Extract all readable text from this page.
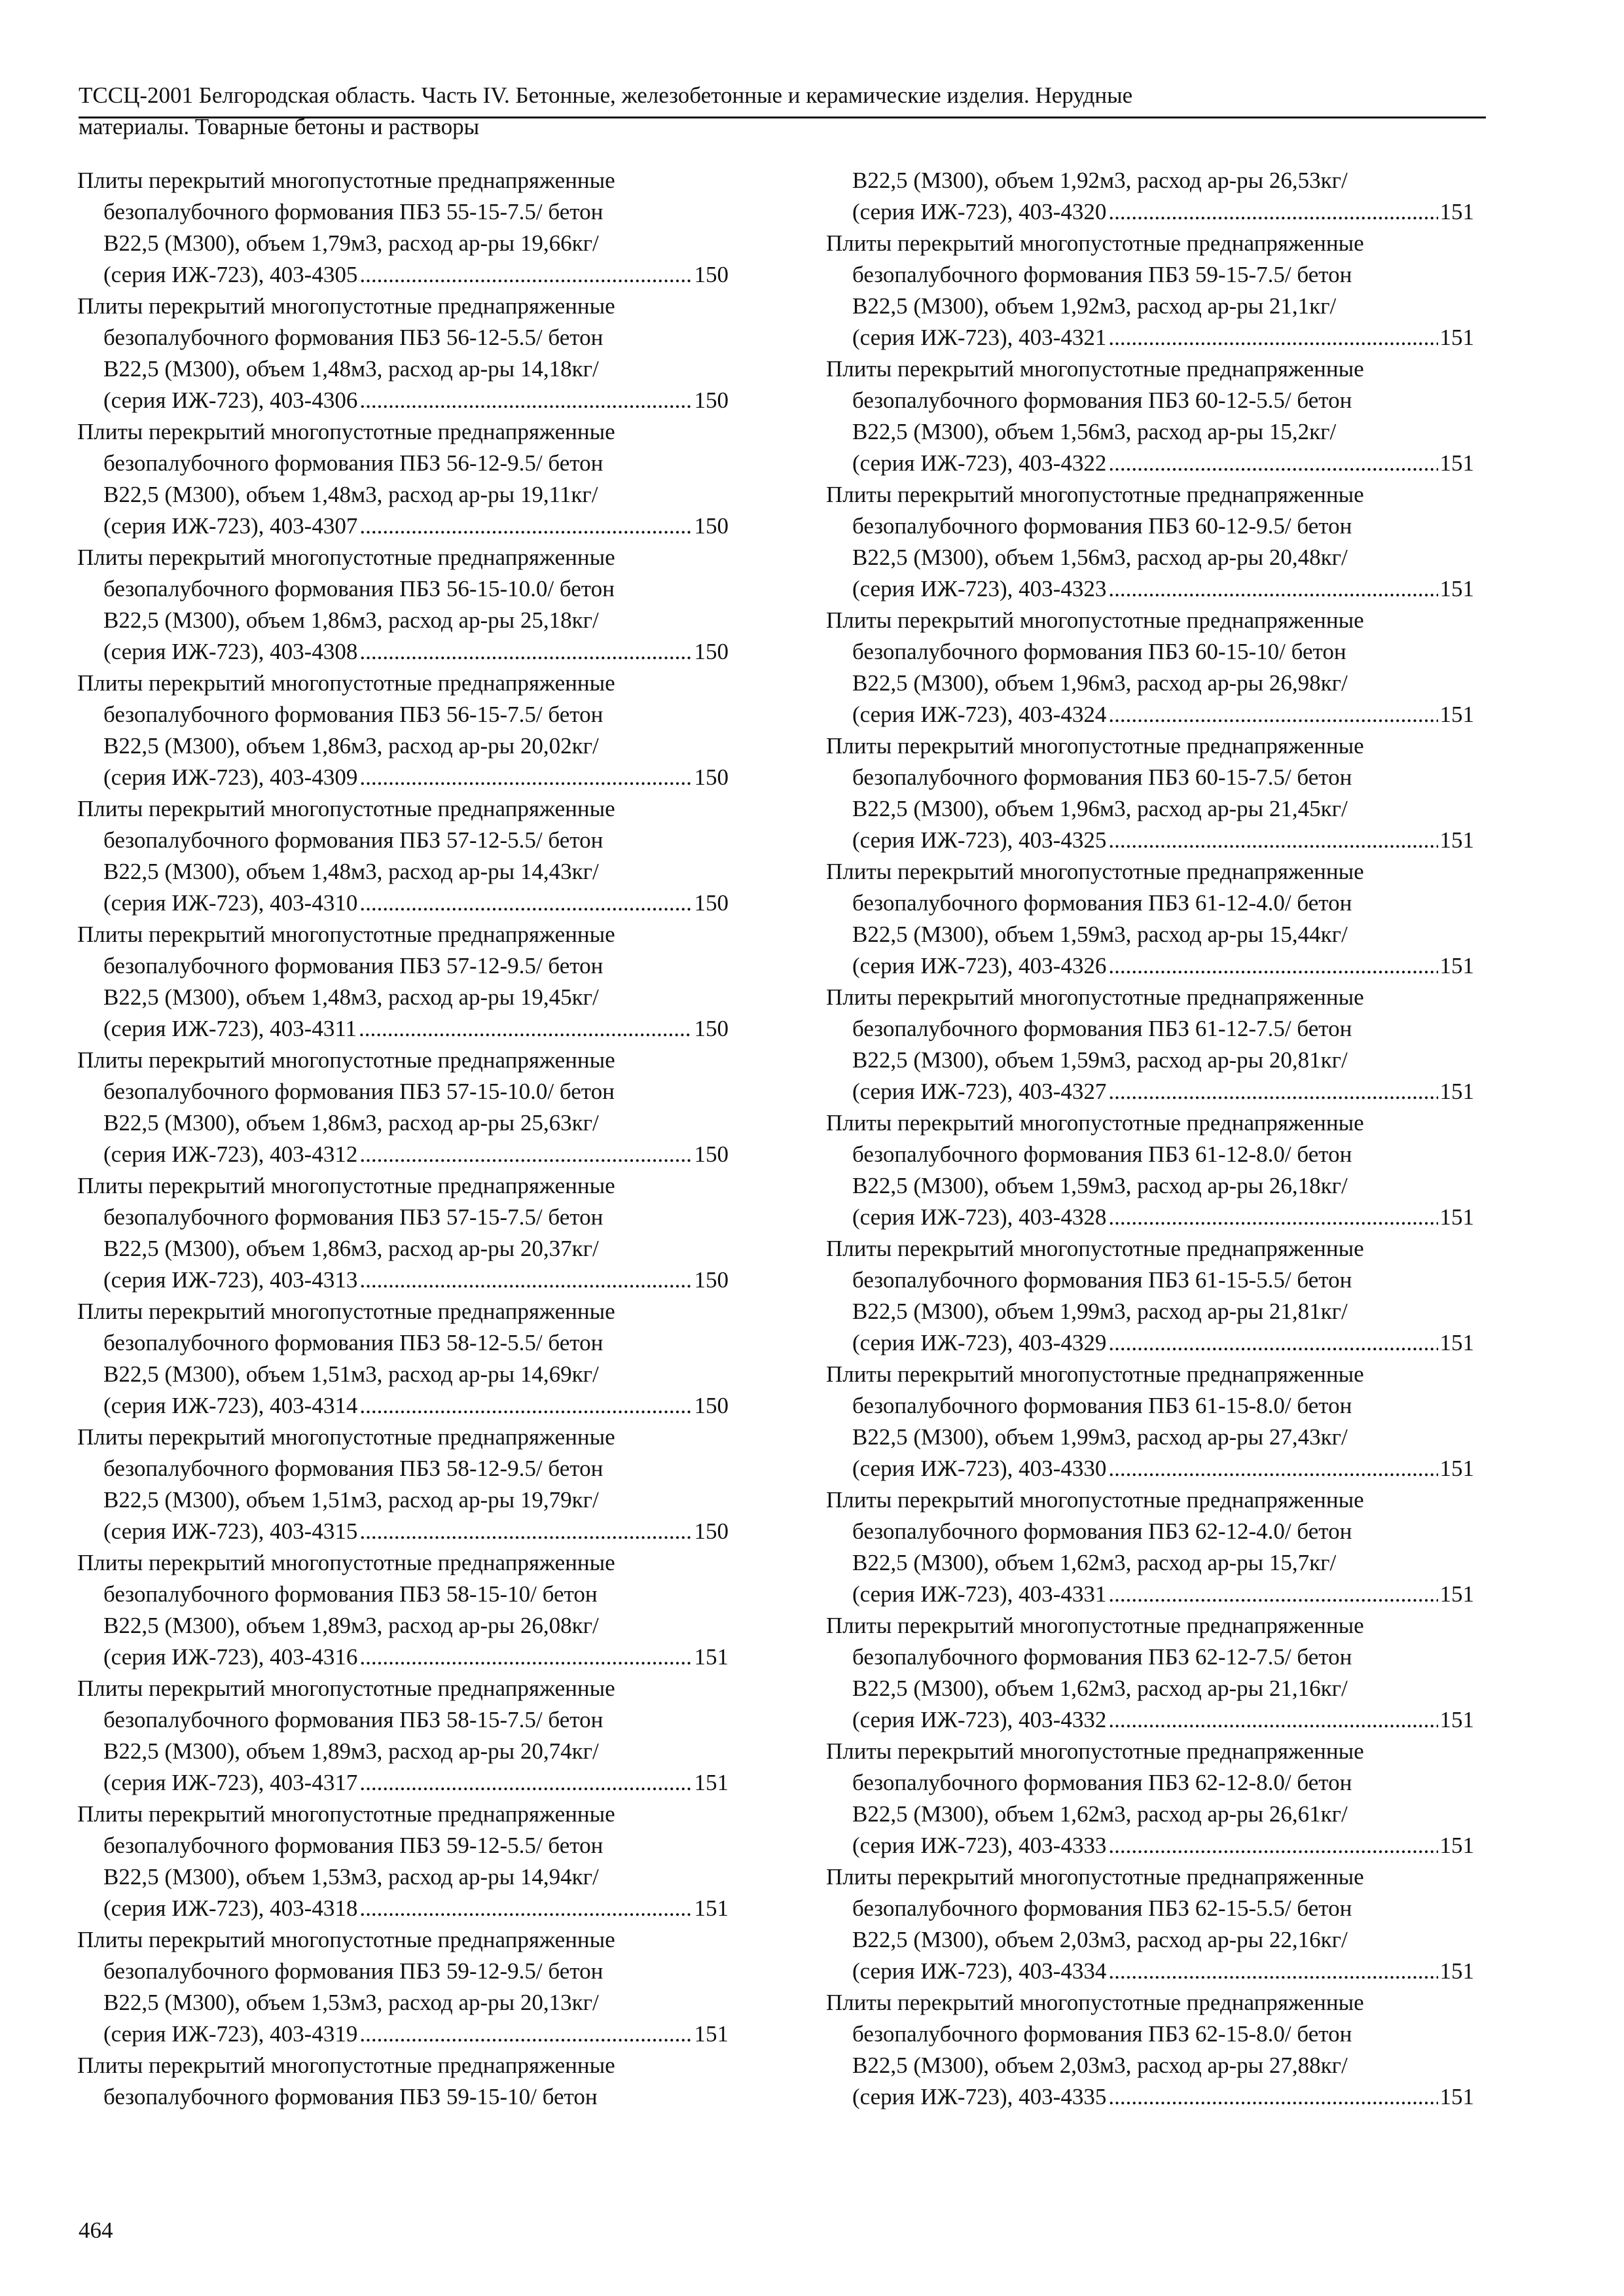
ТССЦ-2001 Белгородская область. Часть IV. Бетонные, железобетонные и керамические изделия. Нерудные
материалы. Товарные бетоны и растворы
Плиты перекрытий многопустотные преднапряженные
безопалубочного формования ПБЗ 55-15-7.5/ бетон
В22,5 (М300), объем 1,79м3, расход ар-ры 19,66кг/
(серия ИЖ-723), 403-4305 .....	150
Плиты перекрытий многопустотные преднапряженные
безопалубочного формования ПБЗ 56-12-5.5/ бетон
В22,5 (М300), объем 1,48м3, расход ар-ры 14,18кг/
(серия ИЖ-723), 403-4306 .....	150
Плиты перекрытий многопустотные преднапряженные
безопалубочного формования ПБЗ 56-12-9.5/ бетон
В22,5 (М300), объем 1,48м3, расход ар-ры 19,11кг/
(серия ИЖ-723), 403-4307 .....	150
Плиты перекрытий многопустотные преднапряженные
безопалубочного формования ПБЗ 56-15-10.0/ бетон
В22,5 (М300), объем 1,86м3, расход ар-ры 25,18кг/
(серия ИЖ-723), 403-4308 .....	150
Плиты перекрытий многопустотные преднапряженные
безопалубочного формования ПБЗ 56-15-7.5/ бетон
В22,5 (М300), объем 1,86м3, расход ар-ры 20,02кг/
(серия ИЖ-723), 403-4309 .....	150
Плиты перекрытий многопустотные преднапряженные
безопалубочного формования ПБЗ 57-12-5.5/ бетон
В22,5 (М300), объем 1,48м3, расход ар-ры 14,43кг/
(серия ИЖ-723), 403-4310 .....	150
Плиты перекрытий многопустотные преднапряженные
безопалубочного формования ПБЗ 57-12-9.5/ бетон
В22,5 (М300), объем 1,48м3, расход ар-ры 19,45кг/
(серия ИЖ-723), 403-4311 .....	150
Плиты перекрытий многопустотные преднапряженные
безопалубочного формования ПБЗ 57-15-10.0/ бетон
В22,5 (М300), объем 1,86м3, расход ар-ры 25,63кг/
(серия ИЖ-723), 403-4312 .....	150
Плиты перекрытий многопустотные преднапряженные
безопалубочного формования ПБЗ 57-15-7.5/ бетон
В22,5 (М300), объем 1,86м3, расход ар-ры 20,37кг/
(серия ИЖ-723), 403-4313 .....	150
Плиты перекрытий многопустотные преднапряженные
безопалубочного формования ПБЗ 58-12-5.5/ бетон
В22,5 (М300), объем 1,51м3, расход ар-ры 14,69кг/
(серия ИЖ-723), 403-4314 .....	150
Плиты перекрытий многопустотные преднапряженные
безопалубочного формования ПБЗ 58-12-9.5/ бетон
В22,5 (М300), объем 1,51м3, расход ар-ры 19,79кг/
(серия ИЖ-723), 403-4315 .....	150
Плиты перекрытий многопустотные преднапряженные
безопалубочного формования ПБЗ 58-15-10/ бетон
В22,5 (М300), объем 1,89м3, расход ар-ры 26,08кг/
(серия ИЖ-723), 403-4316 .....	151
Плиты перекрытий многопустотные преднапряженные
безопалубочного формования ПБЗ 58-15-7.5/ бетон
В22,5 (М300), объем 1,89м3, расход ар-ры 20,74кг/
(серия ИЖ-723), 403-4317 .....	151
Плиты перекрытий многопустотные преднапряженные
безопалубочного формования ПБЗ 59-12-5.5/ бетон
В22,5 (М300), объем 1,53м3, расход ар-ры 14,94кг/
(серия ИЖ-723), 403-4318 .....	151
Плиты перекрытий многопустотные преднапряженные
безопалубочного формования ПБЗ 59-12-9.5/ бетон
В22,5 (М300), объем 1,53м3, расход ар-ры 20,13кг/
(серия ИЖ-723), 403-4319 .....	151
Плиты перекрытий многопустотные преднапряженные
безопалубочного формования ПБЗ 59-15-10/ бетон
В22,5 (М300), объем 1,92м3, расход ар-ры 26,53кг/
(серия ИЖ-723), 403-4320 .....	151
Плиты перекрытий многопустотные преднапряженные
безопалубочного формования ПБЗ 59-15-7.5/ бетон
В22,5 (М300), объем 1,92м3, расход ар-ры 21,1кг/
(серия ИЖ-723), 403-4321 .....	151
Плиты перекрытий многопустотные преднапряженные
безопалубочного формования ПБЗ 60-12-5.5/ бетон
В22,5 (М300), объем 1,56м3, расход ар-ры 15,2кг/
(серия ИЖ-723), 403-4322 .....	151
Плиты перекрытий многопустотные преднапряженные
безопалубочного формования ПБЗ 60-12-9.5/ бетон
В22,5 (М300), объем 1,56м3, расход ар-ры 20,48кг/
(серия ИЖ-723), 403-4323 .....	151
Плиты перекрытий многопустотные преднапряженные
безопалубочного формования ПБЗ 60-15-10/ бетон
В22,5 (М300), объем 1,96м3, расход ар-ры 26,98кг/
(серия ИЖ-723), 403-4324 .....	151
Плиты перекрытий многопустотные преднапряженные
безопалубочного формования ПБЗ 60-15-7.5/ бетон
В22,5 (М300), объем 1,96м3, расход ар-ры 21,45кг/
(серия ИЖ-723), 403-4325 .....	151
Плиты перекрытий многопустотные преднапряженные
безопалубочного формования ПБЗ 61-12-4.0/ бетон
В22,5 (М300), объем 1,59м3, расход ар-ры 15,44кг/
(серия ИЖ-723), 403-4326 .....	151
Плиты перекрытий многопустотные преднапряженные
безопалубочного формования ПБЗ 61-12-7.5/ бетон
В22,5 (М300), объем 1,59м3, расход ар-ры 20,81кг/
(серия ИЖ-723), 403-4327 .....	151
Плиты перекрытий многопустотные преднапряженные
безопалубочного формования ПБЗ 61-12-8.0/ бетон
В22,5 (М300), объем 1,59м3, расход ар-ры 26,18кг/
(серия ИЖ-723), 403-4328 .....	151
Плиты перекрытий многопустотные преднапряженные
безопалубочного формования ПБЗ 61-15-5.5/ бетон
В22,5 (М300), объем 1,99м3, расход ар-ры 21,81кг/
(серия ИЖ-723), 403-4329 .....	151
Плиты перекрытий многопустотные преднапряженные
безопалубочного формования ПБЗ 61-15-8.0/ бетон
В22,5 (М300), объем 1,99м3, расход ар-ры 27,43кг/
(серия ИЖ-723), 403-4330 .....	151
Плиты перекрытий многопустотные преднапряженные
безопалубочного формования ПБЗ 62-12-4.0/ бетон
В22,5 (М300), объем 1,62м3, расход ар-ры 15,7кг/
(серия ИЖ-723), 403-4331 .....	151
Плиты перекрытий многопустотные преднапряженные
безопалубочного формования ПБЗ 62-12-7.5/ бетон
В22,5 (М300), объем 1,62м3, расход ар-ры 21,16кг/
(серия ИЖ-723), 403-4332 .....	151
Плиты перекрытий многопустотные преднапряженные
безопалубочного формования ПБЗ 62-12-8.0/ бетон
В22,5 (М300), объем 1,62м3, расход ар-ры 26,61кг/
(серия ИЖ-723), 403-4333 .....	151
Плиты перекрытий многопустотные преднапряженные
безопалубочного формования ПБЗ 62-15-5.5/ бетон
В22,5 (М300), объем 2,03м3, расход ар-ры 22,16кг/
(серия ИЖ-723), 403-4334 .....	151
Плиты перекрытий многопустотные преднапряженные
безопалубочного формования ПБЗ 62-15-8.0/ бетон
В22,5 (М300), объем 2,03м3, расход ар-ры 27,88кг/
(серия ИЖ-723), 403-4335 .....	151
464
